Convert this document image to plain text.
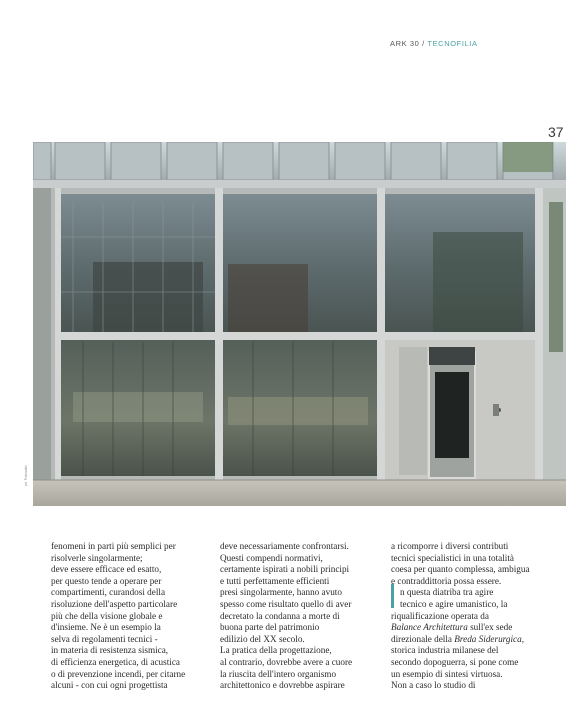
ARK 30 / TECNOFILIA
37
ph. Fotoradio

fenomeni in parti più semplici per
risolverle singolarmente;
deve essere efficace ed esatto,
per questo tende a operare per
compartimenti, curandosi della
risoluzione dell'aspetto particolare
più che della visione globale e
d'insieme. Ne è un esempio la
selva di regolamenti tecnici -
in materia di resistenza sismica,
di efficienza energetica, di acustica
o di prevenzione incendi, per citarne
alcuni - con cui ogni progettista

deve necessariamente confrontarsi.
Questi compendi normativi,
certamente ispirati a nobili principi
e tutti perfettamente efficienti
presi singolarmente, hanno avuto
spesso come risultato quello di aver
decretato la condanna a morte di
buona parte del patrimonio
edilizio del XX secolo.
La pratica della progettazione,
al contrario, dovrebbe avere a cuore
la riuscita dell'intero organismo
architettonico e dovrebbe aspirare

a ricomporre i diversi contributi
tecnici specialistici in una totalità
coesa per quanto complessa, ambigua
e contraddittoria possa essere.
n questa diatriba tra agire
tecnico e agire umanistico, la
riqualificazione operata da
Balance Architettura sull'ex sede
direzionale della Breda Siderurgica,
storica industria milanese del
secondo dopoguerra, si pone come
un esempio di sintesi virtuosa.
Non a caso lo studio di
